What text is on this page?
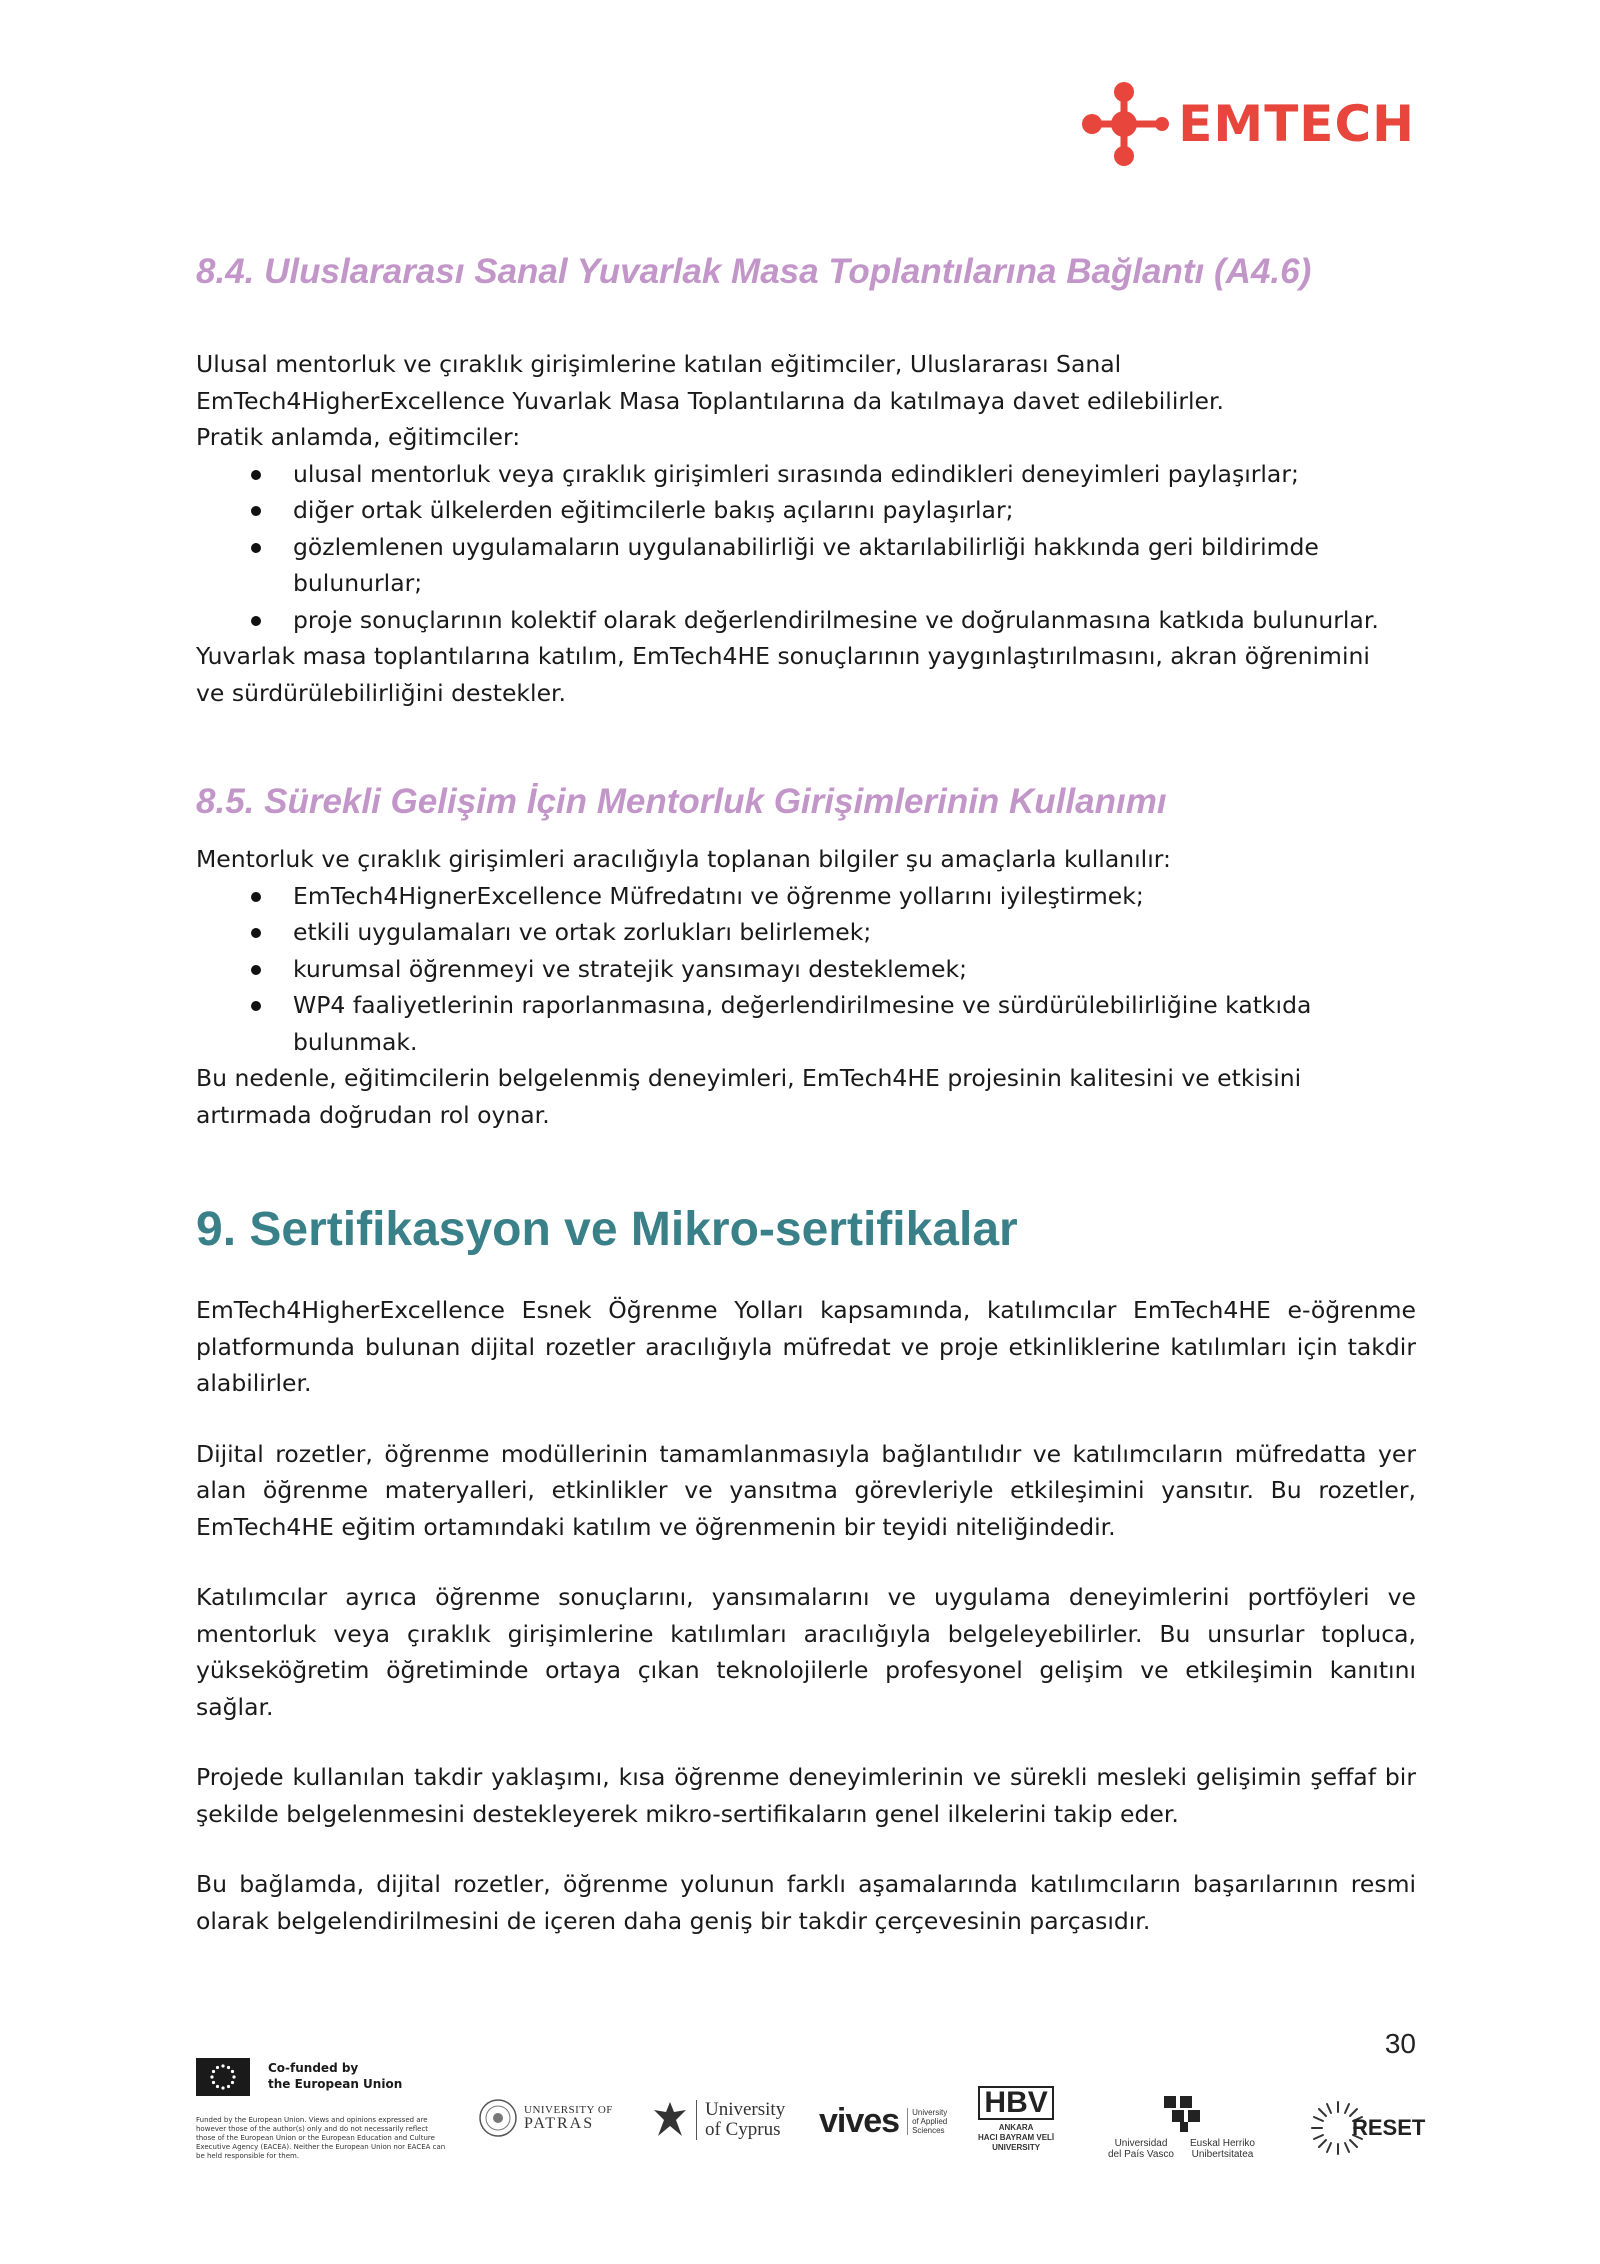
EMTECH
8.4. Uluslararası Sanal Yuvarlak Masa Toplantılarına Bağlantı (A4.6)
Ulusal mentorluk ve çıraklık girişimlerine katılan eğitimciler, Uluslararası Sanal
EmTech4HigherExcellence Yuvarlak Masa Toplantılarına da katılmaya davet edilebilirler.
Pratik anlamda, eğitimciler:
ulusal mentorluk veya çıraklık girişimleri sırasında edindikleri deneyimleri paylaşırlar;
diğer ortak ülkelerden eğitimcilerle bakış açılarını paylaşırlar;
gözlemlenen uygulamaların uygulanabilirliği ve aktarılabilirliği hakkında geri bildirimde bulunurlar;
proje sonuçlarının kolektif olarak değerlendirilmesine ve doğrulanmasına katkıda bulunurlar.
Yuvarlak masa toplantılarına katılım, EmTech4HE sonuçlarının yaygınlaştırılmasını, akran öğrenimini
ve sürdürülebilirliğini destekler.
8.5. Sürekli Gelişim İçin Mentorluk Girişimlerinin Kullanımı
Mentorluk ve çıraklık girişimleri aracılığıyla toplanan bilgiler şu amaçlarla kullanılır:
EmTech4HignerExcellence Müfredatını ve öğrenme yollarını iyileştirmek;
etkili uygulamaları ve ortak zorlukları belirlemek;
kurumsal öğrenmeyi ve stratejik yansımayı desteklemek;
WP4 faaliyetlerinin raporlanmasına, değerlendirilmesine ve sürdürülebilirliğine katkıda bulunmak.
Bu nedenle, eğitimcilerin belgelenmiş deneyimleri, EmTech4HE projesinin kalitesini ve etkisini
artırmada doğrudan rol oynar.
9. Sertifikasyon ve Mikro-sertifikalar
EmTech4HigherExcellence Esnek Öğrenme Yolları kapsamında, katılımcılar EmTech4HE e-öğrenme platformunda bulunan dijital rozetler aracılığıyla müfredat ve proje etkinliklerine katılımları için takdir alabilirler.
Dijital rozetler, öğrenme modüllerinin tamamlanmasıyla bağlantılıdır ve katılımcıların müfredatta yer alan öğrenme materyalleri, etkinlikler ve yansıtma görevleriyle etkileşimini yansıtır. Bu rozetler, EmTech4HE eğitim ortamındaki katılım ve öğrenmenin bir teyidi niteliğindedir.
Katılımcılar ayrıca öğrenme sonuçlarını, yansımalarını ve uygulama deneyimlerini portföyleri ve mentorluk veya çıraklık girişimlerine katılımları aracılığıyla belgeleyebilirler. Bu unsurlar topluca, yükseköğretim öğretiminde ortaya çıkan teknolojilerle profesyonel gelişim ve etkileşimin kanıtını sağlar.
Projede kullanılan takdir yaklaşımı, kısa öğrenme deneyimlerinin ve sürekli mesleki gelişimin şeffaf bir şekilde belgelenmesini destekleyerek mikro-sertifikaların genel ilkelerini takip eder.
Bu bağlamda, dijital rozetler, öğrenme yolunun farklı aşamalarında katılımcıların başarılarının resmi olarak belgelendirilmesini de içeren daha geniş bir takdir çerçevesinin parçasıdır.
30
Co-funded by
the European Union
Funded by the European Union. Views and opinions expressed are however those of the author(s) only and do not necessarily reflect those of the European Union or the European Education and Culture Executive Agency (EACEA). Neither the European Union nor EACEA can be held responsible for them.
UNIVERSITY OF
PATRAS
University
of Cyprus vives University
of Applied
Sciences
HBV
ANKARA
HACI BAYRAM VELİ
UNIVERSITY	Universidad
del País Vasco
Euskal Herriko
Unibertsitatea
RESET
